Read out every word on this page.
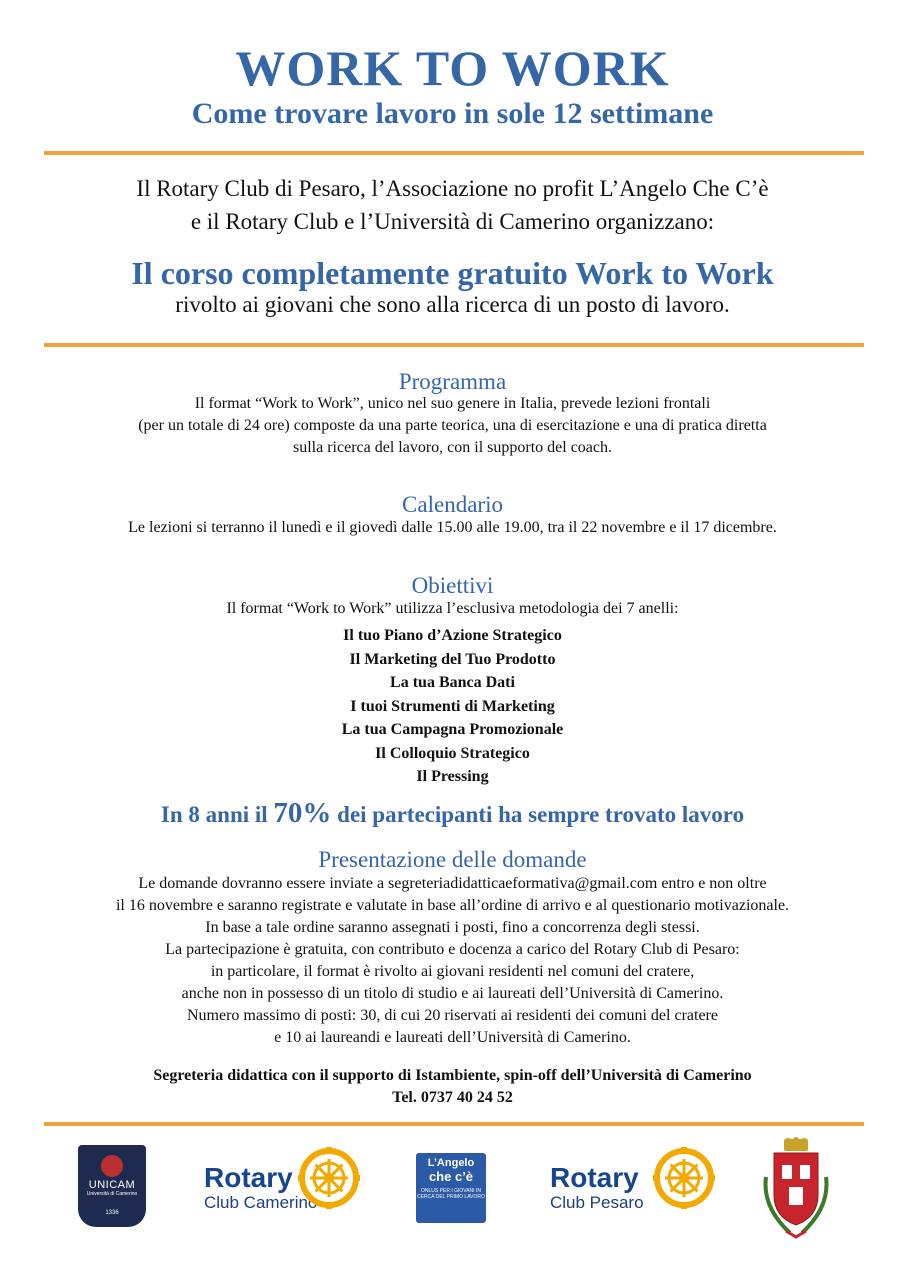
WORK TO WORK
Come trovare lavoro in sole 12 settimane
Il Rotary Club di Pesaro, l’Associazione no profit L’Angelo Che C’è
e il Rotary Club e l’Università di Camerino organizzano:
Il corso completamente gratuito Work to Work
rivolto ai giovani che sono alla ricerca di un posto di lavoro.
Programma
Il format “Work to Work”, unico nel suo genere in Italia, prevede lezioni frontali
(per un totale di 24 ore) composte da una parte teorica, una di esercitazione e una di pratica diretta
sulla ricerca del lavoro, con il supporto del coach.
Calendario
Le lezioni si terranno il lunedì e il giovedì dalle 15.00 alle 19.00, tra il 22 novembre e il 17 dicembre.
Obiettivi
Il format “Work to Work” utilizza l’esclusiva metodologia dei 7 anelli:
Il tuo Piano d’Azione Strategico
Il Marketing del Tuo Prodotto
La tua Banca Dati
I tuoi Strumenti di Marketing
La tua Campagna Promozionale
Il Colloquio Strategico
Il Pressing
In 8 anni il 70% dei partecipanti ha sempre trovato lavoro
Presentazione delle domande
Le domande dovranno essere inviate a segreteriadidatticaeformativa@gmail.com entro e non oltre
il 16 novembre e saranno registrate e valutate in base all’ordine di arrivo e al questionario motivazionale.
In base a tale ordine saranno assegnati i posti, fino a concorrenza degli stessi.
La partecipazione è gratuita, con contributo e docenza a carico del Rotary Club di Pesaro:
in particolare, il format è rivolto ai giovani residenti nel comuni del cratere,
anche non in possesso di un titolo di studio e ai laureati dell’Università di Camerino.
Numero massimo di posti: 30, di cui 20 riservati ai residenti dei comuni del cratere
e 10 ai laureandi e laureati dell’Università di Camerino.
Segreteria didattica con il supporto di Istambiente, spin-off dell’Università di Camerino
Tel. 0737 40 24 52
UNICAM
Università di Camerino
1336
Rotary
Club Camerino
L’Angelo
che c’è
ONLUS PER I GIOVANI IN CERCA DEL PRIMO LAVORO
Rotary
Club Pesaro
